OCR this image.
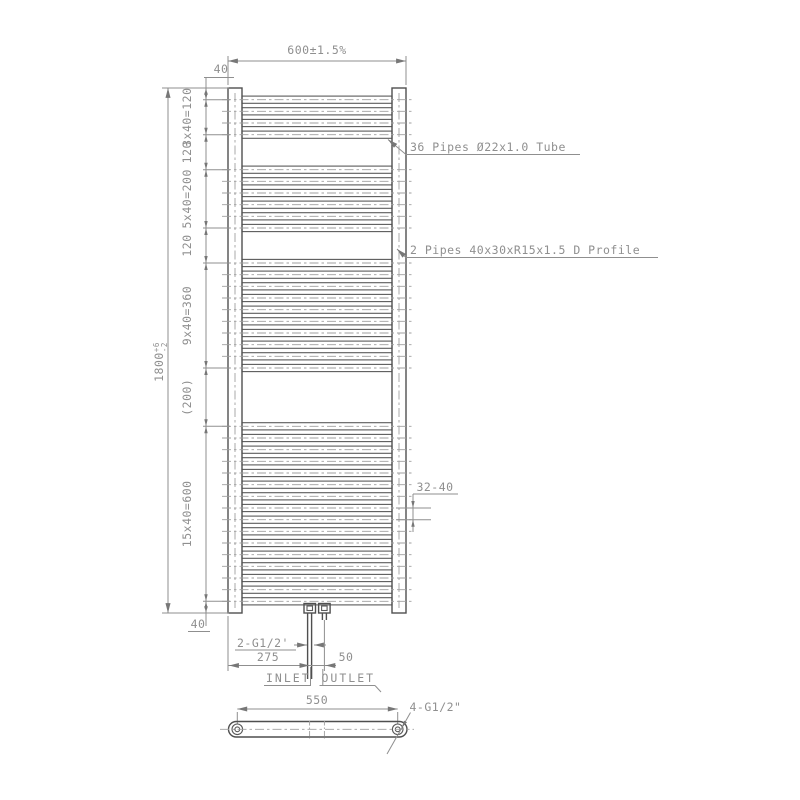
600±1.5%
40
$1800^{+6}-2$
3x40=120
120
5x40=200
120
9x40=360
(200)
15x40=600
40
36 Pipes Ø22x1.0 Tube
2 Pipes 40x30xR15x1.5 D Profile
32-40
2-G1/2'
275	50
INLET OUTLET
550	4-G1/2"
